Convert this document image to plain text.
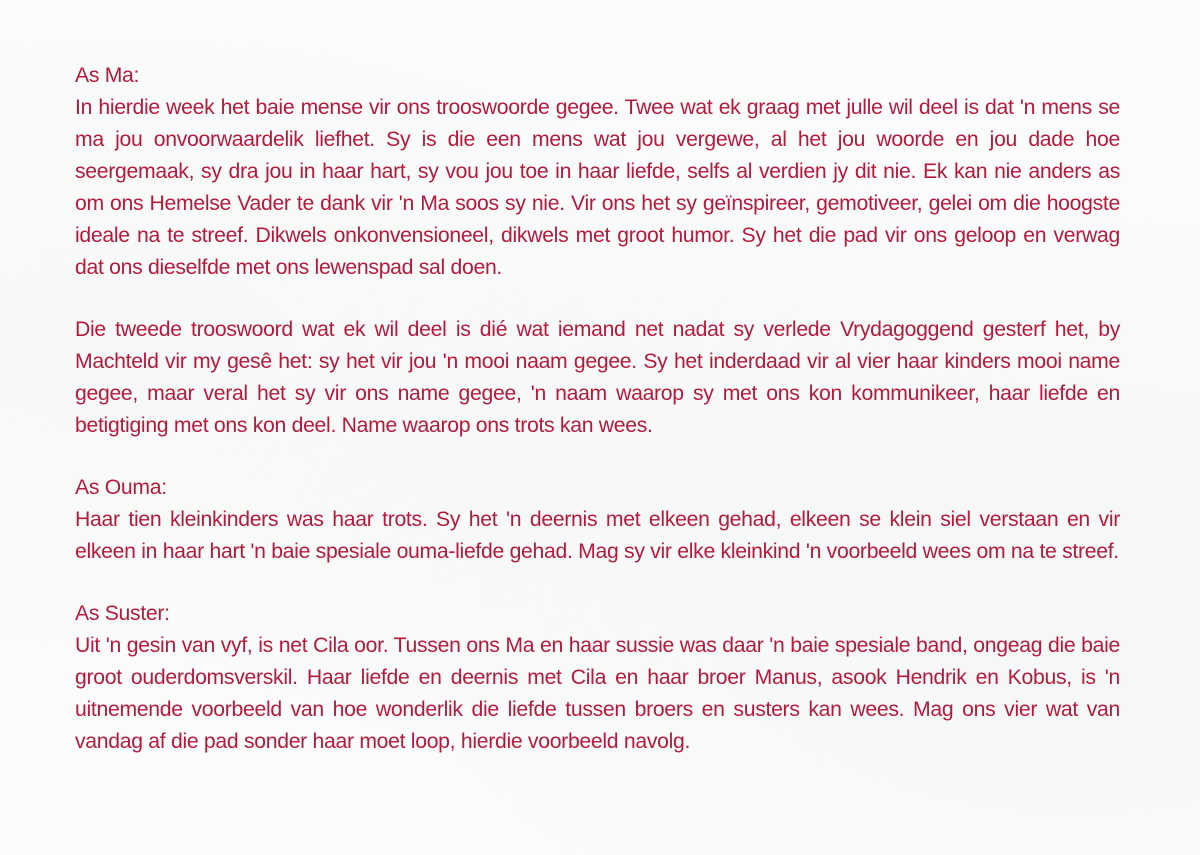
As Ma:
In hierdie week het baie mense vir ons trooswoorde gegee. Twee wat ek graag met julle wil deel is dat 'n mens se ma jou onvoorwaardelik liefhet. Sy is die een mens wat jou vergewe, al het jou woorde en jou dade hoe seergemaak, sy dra jou in haar hart, sy vou jou toe in haar liefde, selfs al verdien jy dit nie. Ek kan nie anders as om ons Hemelse Vader te dank vir 'n Ma soos sy nie. Vir ons het sy geïnspireer, gemotiveer, gelei om die hoogste ideale na te streef. Dikwels onkonvensioneel, dikwels met groot humor. Sy het die pad vir ons geloop en verwag dat ons dieselfde met ons lewenspad sal doen.
Die tweede trooswoord wat ek wil deel is dié wat iemand net nadat sy verlede Vrydagoggend gesterf het, by Machteld vir my gesê het: sy het vir jou 'n mooi naam gegee. Sy het inderdaad vir al vier haar kinders mooi name gegee, maar veral het sy vir ons name gegee, 'n naam waarop sy met ons kon kommunikeer, haar liefde en betigtiging met ons kon deel. Name waarop ons trots kan wees.
As Ouma:
Haar tien kleinkinders was haar trots. Sy het 'n deernis met elkeen gehad, elkeen se klein siel verstaan en vir elkeen in haar hart 'n baie spesiale ouma-liefde gehad. Mag sy vir elke kleinkind 'n voorbeeld wees om na te streef.
As Suster:
Uit 'n gesin van vyf, is net Cila oor. Tussen ons Ma en haar sussie was daar 'n baie spesiale band, ongeag die baie groot ouderdomsverskil. Haar liefde en deernis met Cila en haar broer Manus, asook Hendrik en Kobus, is 'n uitnemende voorbeeld van hoe wonderlik die liefde tussen broers en susters kan wees. Mag ons vier wat van vandag af die pad sonder haar moet loop, hierdie voorbeeld navolg.
